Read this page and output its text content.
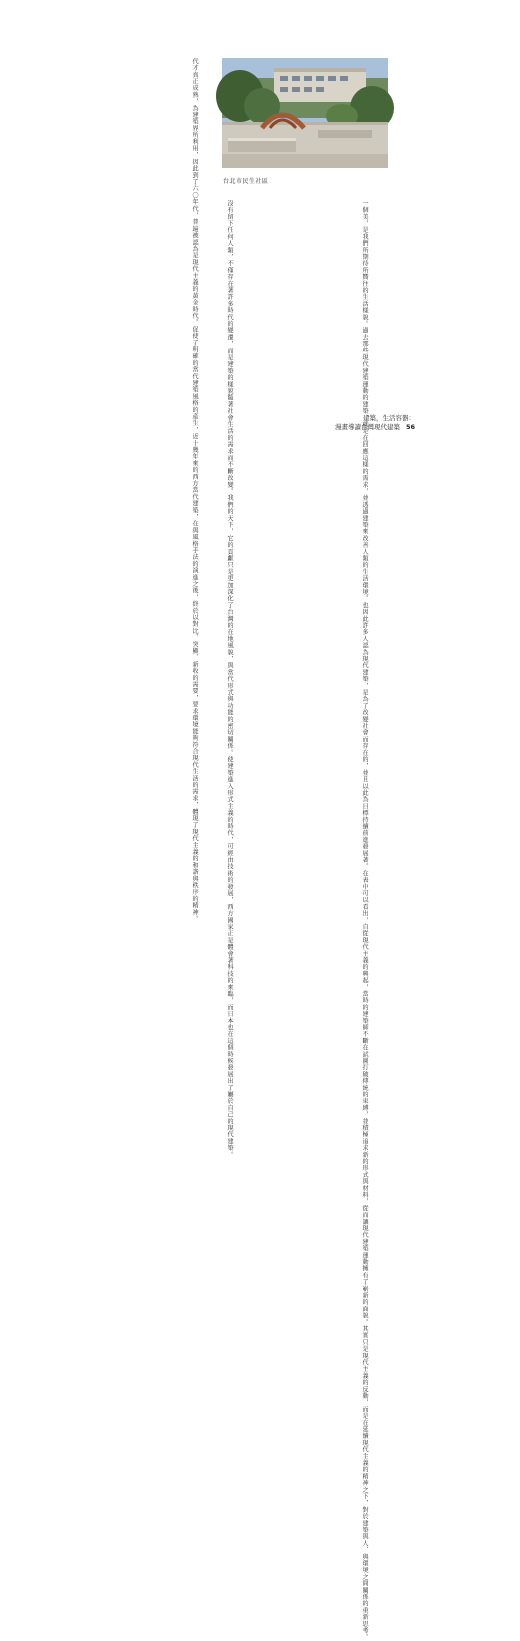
台北市民生社區
一個美，是我們所期待所嚮往的生活樣貌。過去那些現代建築運動的建築，就是在回應這樣的需求，並透過建築來改善人類的生活環境。也因此許多人認為現代建築，是為了改變社會而存在的，並且以此為目標持續前進發展著。在表中可以看出，自從現代主義的興起，當時的建築師不斷在試圖打破傳統的束縛，並積極追求新的形式與材料，從而讓現代建築運動擁有了嶄新的面貌。其實只是現代主義的反動，而是在延續現代主義的精神之下，對於建築與人、與環境之間關係的重新思考。
沒有留下任何人類，不僅存在著許多時代的變遷，而是建築的樣貌隨著社會生活的需求而不斷改變。我們的天下，它的貢獻只是更加深化了台灣的在地風貌，與當代形式與功能的密切關係。使建築進入形式主義的時代，可經由技術的發展，西方國家正是體會著科技的來臨，而日本也在這個時候發展出了屬於自己的現代建築。
代才真正成熟，為建築界所利用，因此到了六〇年代，普遍被認為是現代主義的黃金時代。促使了明確的當代建築風格的產生，近十幾年來的西方當代建築，在與風格手法的演進之後，終於以對比、突顯、新收的需要，要求環境能夠符合現代生活的需求，體現了現代主義的和諧與秩序的精神。	建築，生活容器：
漫畫導讀台灣現代建築 56
